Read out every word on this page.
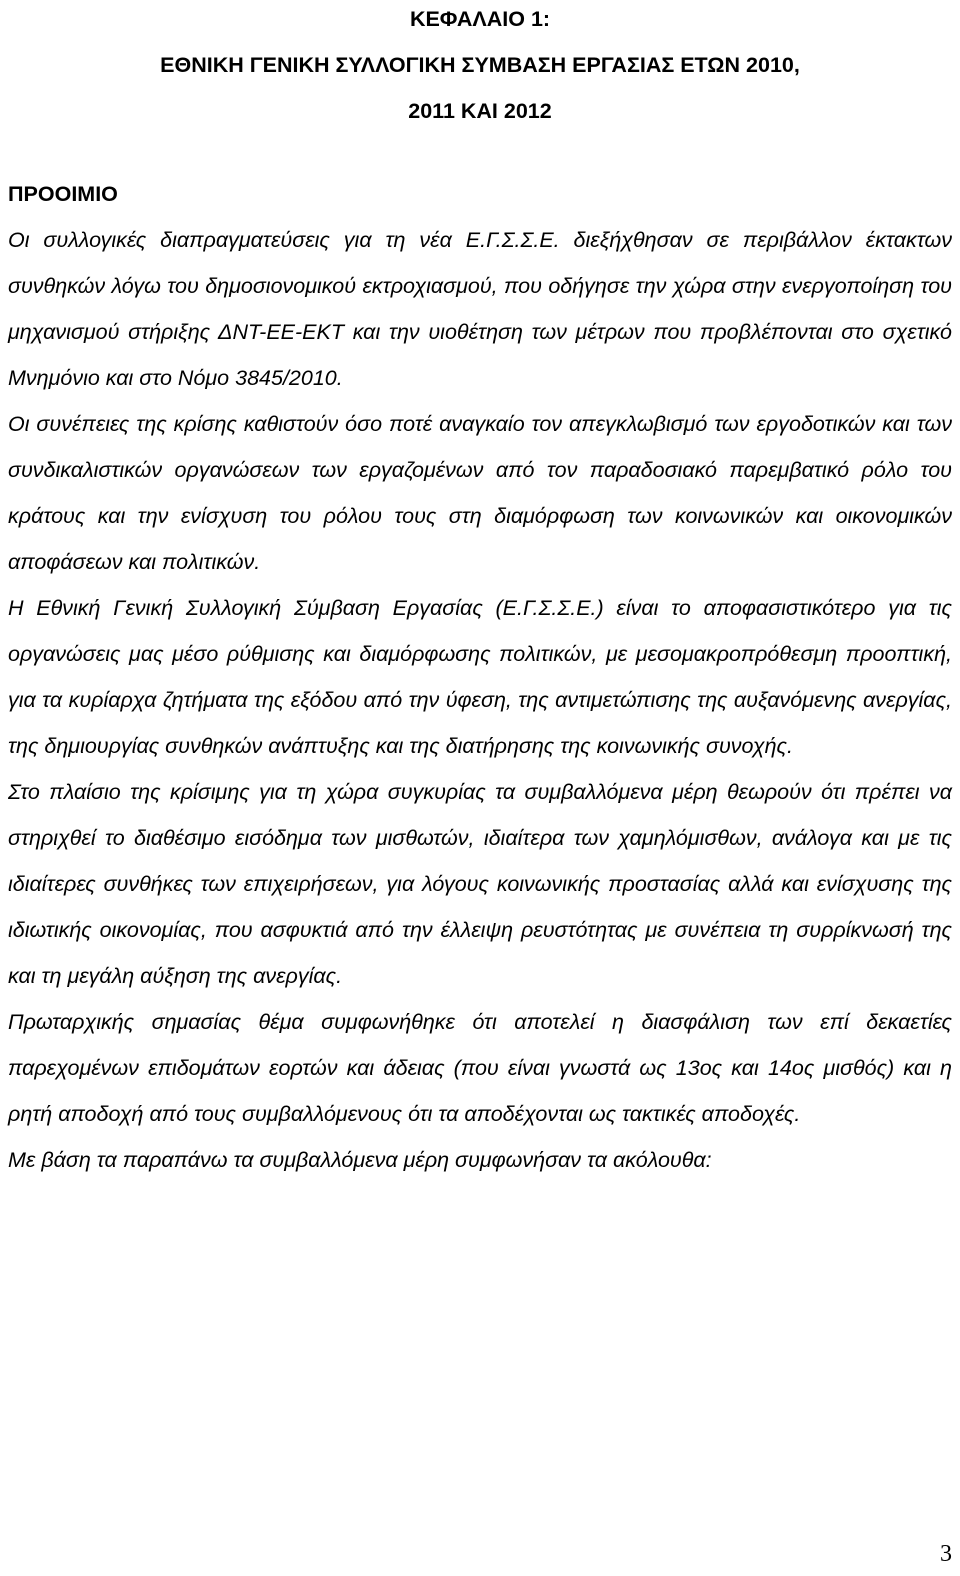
ΚΕΦΑΛΑΙΟ 1:
ΕΘΝΙΚΗ ΓΕΝΙΚΗ ΣΥΛΛΟΓΙΚΗ ΣΥΜΒΑΣΗ ΕΡΓΑΣΙΑΣ ΕΤΩΝ 2010,
2011 ΚΑΙ 2012
ΠΡΟΟΙΜΙΟ

Οι συλλογικές διαπραγματεύσεις για τη νέα Ε.Γ.Σ.Σ.Ε. διεξήχθησαν σε περιβάλλον έκτακτων συνθηκών λόγω του δημοσιονομικού εκτροχιασμού, που οδήγησε την χώρα στην ενεργοποίηση του μηχανισμού στήριξης ΔΝΤ-ΕΕ-ΕΚΤ και την υιοθέτηση των μέτρων που προβλέπονται στο σχετικό Μνημόνιο και στο Νόμο 3845/2010.

Οι συνέπειες της κρίσης καθιστούν όσο ποτέ αναγκαίο τον απεγκλωβισμό των εργοδοτικών και των συνδικαλιστικών οργανώσεων των εργαζομένων από τον παραδοσιακό παρεμβατικό ρόλο του κράτους και την ενίσχυση του ρόλου τους στη διαμόρφωση των κοινωνικών και οικονομικών αποφάσεων και πολιτικών.

Η Εθνική Γενική Συλλογική Σύμβαση Εργασίας (Ε.Γ.Σ.Σ.Ε.) είναι το αποφασιστικότερο για τις οργανώσεις μας μέσο ρύθμισης και διαμόρφωσης πολιτικών, με μεσομακροπρόθεσμη προοπτική, για τα κυρίαρχα ζητήματα της εξόδου από την ύφεση, της αντιμετώπισης της αυξανόμενης ανεργίας, της δημιουργίας συνθηκών ανάπτυξης και της διατήρησης της κοινωνικής συνοχής.

Στο πλαίσιο της κρίσιμης για τη χώρα συγκυρίας τα συμβαλλόμενα μέρη θεωρούν ότι πρέπει να στηριχθεί το διαθέσιμο εισόδημα των μισθωτών, ιδιαίτερα των χαμηλόμισθων, ανάλογα και με τις ιδιαίτερες συνθήκες των επιχειρήσεων, για λόγους κοινωνικής προστασίας αλλά και ενίσχυσης της ιδιωτικής οικονομίας, που ασφυκτιά από την έλλειψη ρευστότητας με συνέπεια τη συρρίκνωσή της και τη μεγάλη αύξηση της ανεργίας.

Πρωταρχικής σημασίας θέμα συμφωνήθηκε ότι αποτελεί η διασφάλιση των επί δεκαετίες παρεχομένων επιδομάτων εορτών και άδειας (που είναι γνωστά ως 13ος και 14ος μισθός) και η ρητή αποδοχή από τους συμβαλλόμενους ότι τα αποδέχονται ως τακτικές αποδοχές.

Με βάση τα παραπάνω τα συμβαλλόμενα μέρη συμφωνήσαν τα ακόλουθα:

3
